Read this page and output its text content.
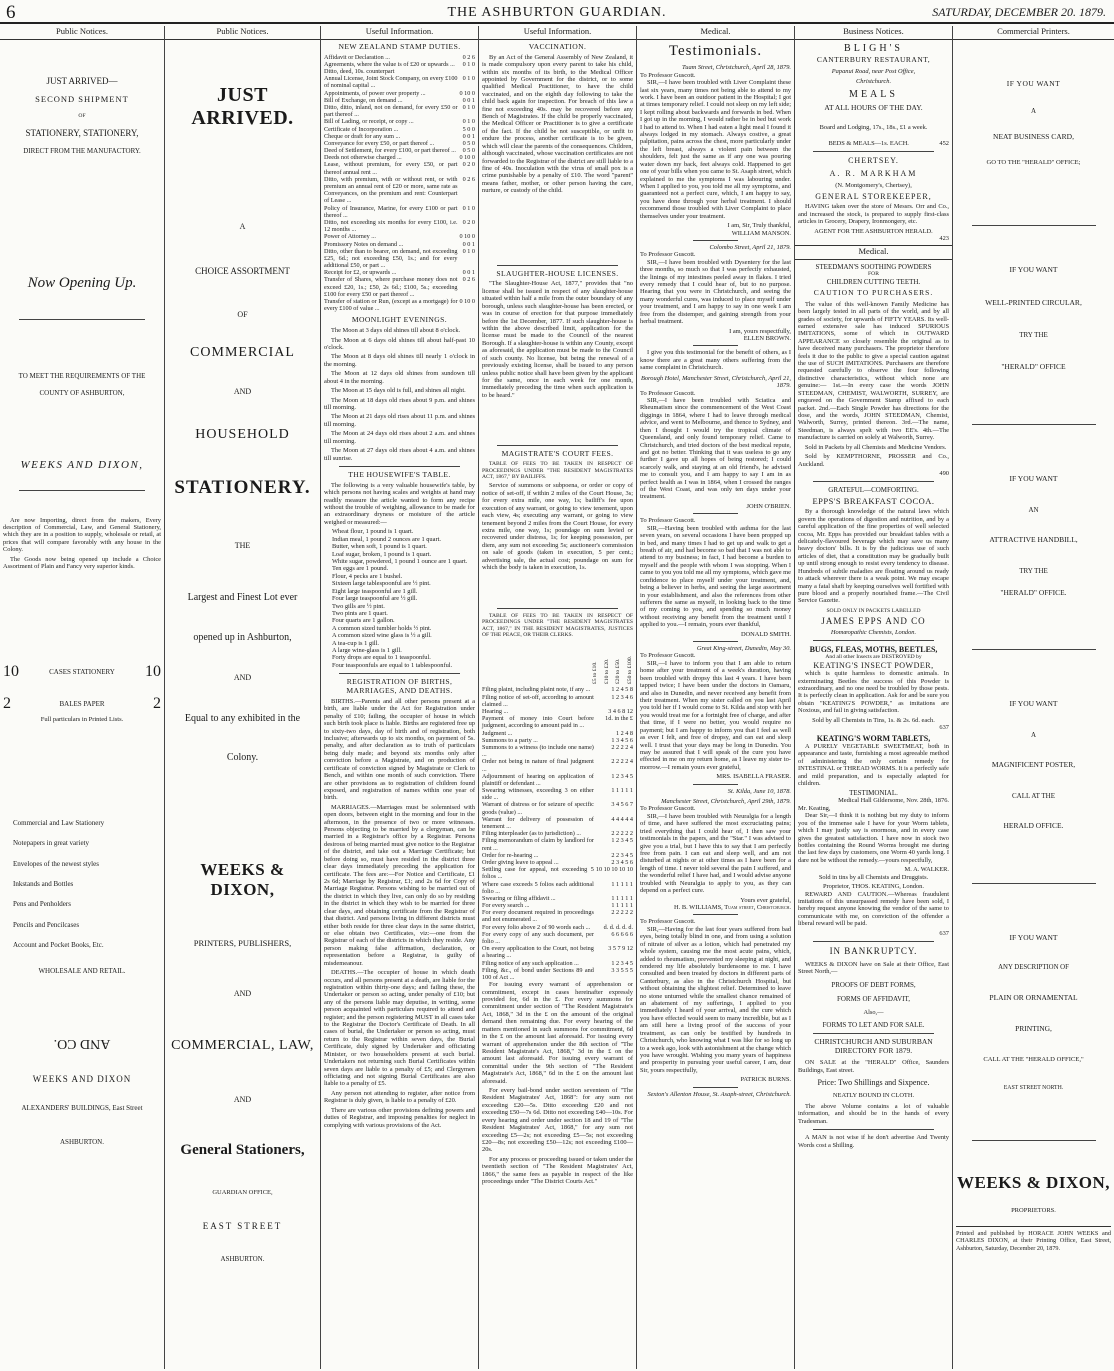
6	THE ASHBURTON GUARDIAN.	SATURDAY, DECEMBER 20. 1879.
Public Notices.
JUST ARRIVED—
SECOND SHIPMENT
OF
STATIONERY, STATIONERY,
DIRECT FROM THE MANUFACTORY.
Now Opening Up.
TO MEET THE REQUIREMENTS OF THE
COUNTY OF ASHBURTON,
WEEKS AND DIXON,

Are now Importing, direct from the makers, Every description of Commercial, Law, and General Stationery, which they are in a position to supply, wholesale or retail, at prices that will compare favorably with any house in the Colony.

The Goods now being opened up include a Choice Assortment of Plain and Fancy very superior kinds.

10	CASES STATIONERY 10
2	BALES PAPER	2
Full particulars in Printed Lists.
Commercial and Law Stationery
Notepapers in great variety
Envelopes of the newest styles
Inkstands and Bottles
Pens and Penholders
Pencils and Pencilcases
Account and Pocket Books, Etc.
WHOLESALE AND RETAIL.
AND CO.
WEEKS AND DIXON
ALEXANDERS' BUILDINGS, East Street
ASHBURTON.
Public Notices.
JUST ARRIVED.
A
CHOICE ASSORTMENT
OF
COMMERCIAL
AND
HOUSEHOLD
STATIONERY.
THE
Largest and Finest Lot ever
opened up in Ashburton,
AND
Equal to any exhibited in the
Colony.
WEEKS & DIXON,
PRINTERS, PUBLISHERS,
AND
COMMERCIAL, LAW,
AND
General Stationers,
GUARDIAN OFFICE,
EAST STREET
ASHBURTON.
Useful Information.
NEW ZEALAND STAMP DUTIES.
Affidavit or Declaration ...	0 2 6
Agreements, where the value is of £20 or upwards ...	0 1 0
Ditto, deed, 10s. counterpart	
Annual License, Joint Stock Company, on every £100 of nominal capital ...	0 1 0
Appointments, of power over property ...	0 10 0
Bill of Exchange, on demand ...	0 0 1
Ditto, ditto, inland, not on demand, for every £50 or part thereof ...	0 1 0
Bill of Lading, or receipt, or copy ...	0 1 0
Certificate of Incorporation ...	5 0 0
Cheque or draft for any sum ...	0 0 1
Conveyance for every £50, or part thereof ...	0 5 0
Deed of Settlement, for every £100, or part thereof ...	0 5 0
Deeds not otherwise charged ...	0 10 0
Lease, without premium, for every £50, or part thereof annual rent ...	0 2 0
Ditto, with premium, with or without rent, or with premium an annual rent of £20 or more, same rate as Conveyances, on the premium and rent: Counterpart of Lease ...	0 2 6
Policy of Insurance, Marine, for every £100 or part thereof ...	0 1 0
Ditto, not exceeding six months for every £100, i.e. 12 months ...	0 2 0
Power of Attorney ...	0 10 0
Promissory Notes on demand ...	0 0 1
Ditto, other than to bearer, on demand, not exceeding £25, 6d.; not exceeding £50, 1s.; and for every additional £50, or part ...	0 1 0
Receipt for £2, or upwards ...	0 0 1
Transfer of Shares, where purchase money does not exceed £20, 1s.; £50, 2s 6d.; £100, 5s.; exceeding £100 for every £50 or part thereof ...	0 2 6
Transfer of station or Run, (except as a mortgage) for every £100 of value ...	0 10 0
MOONLIGHT EVENINGS.

The Moon at 3 days old shines till about 8 o'clock.

The Moon at 6 days old shines till about half-past 10 o'clock.

The Moon at 8 days old shines till nearly 1 o'clock in the morning.

The Moon at 12 days old shines from sundown till about 4 in the morning.

The Moon at 15 days old is full, and shines all night.

The Moon at 18 days old rises about 9 p.m. and shines till morning.

The Moon at 21 days old rises about 11 p.m. and shines till morning.

The Moon at 24 days old rises about 2 a.m. and shines till morning.

The Moon at 27 days old rises about 4 a.m. and shines till sunrise.

THE HOUSEWIFE'S TABLE.

The following is a very valuable housewife's table, by which persons not having scales and weights at hand may readily measure the article wanted to form any recipe without the trouble of weighing, allowance to be made for an extraordinary dryness or moisture of the article weighed or measured:—

Wheat flour, 1 pound is 1 quart.
Indian meal, 1 pound 2 ounces are 1 quart.
Butter, when soft, 1 pound is 1 quart.
Loaf sugar, broken, 1 pound is 1 quart.
White sugar, powdered, 1 pound 1 ounce are 1 quart.
Ten eggs are 1 pound.
Flour, 4 pecks are 1 bushel.
Sixteen large tablespoonful are ½ pint.
Eight large teaspoonful are 1 gill.
Four large teaspoonful are ½ gill.
Two gills are ½ pint.
Two pints are 1 quart.
Four quarts are 1 gallon.
A common sized tumbler holds ½ pint.
A common sized wine glass is ½ a gill.
A tea-cup is 1 gill.
A large wine-glass is 1 gill.
Forty drops are equal to 1 teaspoonful.
Four teaspoonfuls are equal to 1 tablespoonful.
REGISTRATION OF BIRTHS, MARRIAGES, AND DEATHS.

BIRTHS.—Parents and all other persons present at a birth, are liable under the Act for Registration under penalty of £10; failing, the occupier of house in which such birth took place is liable. Births are registered free up to sixty-two days, day of birth and of registration, both inclusive; afterwards up to six months, on payment of 5s. penalty, and after declaration as to truth of particulars being duly made; and beyond six months only after conviction before a Magistrate, and on production of certificate of conviction signed by Magistrate or Clerk to Bench, and within one month of such conviction. There are other provisions as to registration of children found exposed, and registration of names within one year of birth.

MARRIAGES.—Marriages must be solemnised with open doors, between eight in the morning and four in the afternoon, in the presence of two or more witnesses. Persons objecting to be married by a clergyman, can be married in a Registrar's office by a Registrar. Persons desirous of being married must give notice to the Registrar of the district, and take out a Marriage Certificate; but before doing so, must have resided in the district three clear days immediately preceding the application for certificate. The fees are:—For Notice and Certificate, £1 2s 6d; Marriage by Registrar, £1; and 2s 6d for Copy of Marriage Registrar. Persons wishing to be married out of the district in which they live, can only do so by residing in the district in which they wish to be married for three clear days, and obtaining certificate from the Registrar of that district. And persons living in different districts must either both reside for three clear days in the same district, or else obtain two Certificates, viz:—one from the Registrar of each of the districts in which they reside. Any person making false affirmation, declaration, or representation before a Registrar, is guilty of misdemeanour.

DEATHS.—The occupier of house in which death occurs, and all persons present at a death, are liable for the registration within thirty-one days; and failing these, the Undertaker or person so acting, under penalty of £10; but any of the persons liable may deputise, in writing, some person acquainted with particulars required to attend and register; and the person registering MUST in all cases take to the Registrar the Doctor's Certificate of Death. In all cases of burial, the Undertaker or person so acting, must return to the Registrar within seven days, the Burial Certificate, duly signed by Undertaker and officiating Minister, or two householders present at such burial. Undertakers not returning such Burial Certificates within seven days are liable to a penalty of £5; and Clergymen officiating and not signing Burial Certificates are also liable to a penalty of £5.

Any person not attending to register, after notice from Registrar is duly given, is liable to a penalty of £20.

There are various other provisions defining powers and duties of Registrar, and imposing penalties for neglect in complying with various provisions of the Act.

Useful Information.
VACCINATION.

By an Act of the General Assembly of New Zealand, it is made compulsory upon every parent to take his child, within six months of its birth, to the Medical Officer appointed by Government for the district, or to some qualified Medical Practitioner, to have the child vaccinated, and on the eighth day following to take the child back again for inspection. For breach of this law a fine not exceeding 40s. may be recovered before any Bench of Magistrates. If the child be properly vaccinated, the Medical Officer or Practitioner is to give a certificate of the fact. If the child be not susceptible, or unfit to endure the process, another certificate is to be given, which will clear the parents of the consequences. Children, although vaccinated, whose vaccination certificates are not forwarded to the Registrar of the district are still liable to a fine of 40s. Inoculation with the virus of small pox is a crime punishable by a penalty of £10. The word "parent" means father, mother, or other person having the care, nurture, or custody of the child.

SLAUGHTER-HOUSE LICENSES.

"The Slaughter-House Act, 1877," provides that "no license shall be issued in respect of any slaughter-house situated within half a mile from the outer boundary of any borough, unless such slaughter-house has been erected, or was in course of erection for that purpose immediately before the 1st December, 1877. If such slaughter-house is within the above described limit, application for the license must be made to the Council of the nearest Borough. If a slaughter-house is within any County, except as aforesaid, the application must be made to the Council of such county. No license, but being the renewal of a previously existing license, shall be issued to any person unless public notice shall have been given by the applicant for the same, once in each week for one month, immediately preceding the time when such application is to be heard."

MAGISTRATE'S COURT FEES.

TABLE OF FEES TO BE TAKEN IN RESPECT OF PROCEEDINGS UNDER "THE RESIDENT MAGISTRATES ACT, 1867," BY BAILIFFS.

Service of summons or subpoena, or order or copy of notice of set-off, if within 2 miles of the Court House, 3s; for every extra mile, one way, 1s; bailiff's fee upon execution of any warrant, or going to view tenement, upon each view, 4s; executing any warrant, or going to view tenement beyond 2 miles from the Court House, for every extra mile, one way, 1s; poundage on sum levied or recovered under distress, 1s; for keeping possession, per diem, any sum not exceeding 5s; auctioneer's commission on sale of goods (taken in execution, 5 per cent.; advertising sale, the actual cost; poundage on sum for which the body is taken in execution, 1s.

TABLE OF FEES TO BE TAKEN IN RESPECT OF PROCEEDINGS UNDER "THE RESIDENT MAGISTRATES ACT, 1867," IN THE RESIDENT MAGISTRATES, JUSTICES OF THE PEACE, OR THEIR CLERKS.

£5 to £10. £10 to £20. £20 to £50. £50 to £100.
Filing plaint, including plaint note, if any ...	1 2 4 5 8
Filing notice of set-off, according to amount claimed ...	1 2 3 4 6
Hearing ...	3 4 6 8 12
Payment of money into Court before judgment, according to amount paid in ...	1d. in the £
Judgment ...	1 2 4 8
Summons to a party ...	1 3 4 5 6
Summons to a witness (to include one name) ...	2 2 2 2 4
Order not being in nature of final judgment ...	2 2 2 2 4
Adjournment of hearing on application of plaintiff or defendant ...	1 2 3 4 5
Swearing witnesses, exceeding 3 on either side ...	1 1 1 1 1
Warrant of distress or for seizure of specific goods (value) ...	3 4 5 6 7
Warrant for delivery of possession of tenement ...	4 4 4 4 4
Filing interpleader (as to jurisdiction) ...	2 2 2 2 2
Filing memorandum of claim by landlord for rent ...	1 2 3 4 5
Order for re-hearing ...	2 2 3 4 5
Order giving leave to appeal ...	2 3 4 5 6
Settling case for appeal, not exceeding 5 folios ...	10 10 10 10 10
Where case exceeds 5 folios each additional folio ...	1 1 1 1 1
Swearing or filing affidavit ...	1 1 1 1 1
For every search ...	1 1 1 1 1
For every document required in proceedings and not enumerated ...	2 2 2 2 2
For every folio above 2 of 90 words each ...	d. d. d. d. d.
For every copy of any such document, per folio ...	6 6 6 6 6
On every application to the Court, not being a hearing ...	3 5 7 9 12
Filing notice of any such application ...	1 2 3 4 5
Filing, &c., of bond under Sections 89 and 100 of Act ...	3 3 5 5 5

For issuing every warrant of apprehension or commitment, except in cases hereinafter expressly provided for, 6d in the £. For every summons for commitment under section of "The Resident Magistrate's Act, 1868," 3d in the £ on the amount of the original demand then remaining due. For every hearing of the matters mentioned in such summons for commitment, 6d in the £ on the amount last aforesaid. For issuing every warrant of apprehension under the 8th section of "The Resident Magistrate's Act, 1868," 3d in the £ on the amount last aforesaid. For issuing every warrant of committal under the 9th section of "The Resident Magistrate's Act, 1868," 6d in the £ on the amount last aforesaid.

For every bail-bond under section seventeen of "The Resident Magistrates' Act, 1868": for any sum not exceeding £20—5s. Ditto exceeding £20 and not exceeding £50—7s 6d. Ditto not exceeding £40—10s. For every hearing and order under section 18 and 19 of "The Resident Magistrates' Act, 1868," for any sum not exceeding £5—2s; not exceeding £5—5s; not exceeding £20—8s; not exceeding £50—12s; not exceeding £100—20s.

For any process or proceeding issued or taken under the twentieth section of "The Resident Magistrates' Act, 1866," the same fees as payable in respect of the like proceedings under "The District Courts Act."

Medical.
Testimonials.
Tuam Street, Christchurch, April 28, 1879.
To Professor Guscott.

SIR,—I have been troubled with Liver Complaint these last six years, many times not being able to attend to my work. I have been an outdoor patient in the Hospital; I got at times temporary relief. I could not sleep on my left side; I kept rolling about backwards and forwards in bed. When I got up in the morning, I would rather be in bed but work I had to attend to. When I had eaten a light meal I found it always lodged in my stomach. Always costive, a great palpitation, pains across the chest, more particularly under the left breast, always a violent pain between the shoulders, felt just the same as if any one was pouring water down my back, feet always cold. Happened to get one of your bills when you came to St. Asaph street, which explained to me the symptoms I was labouring under. When I applied to you, you told me all my symptoms, and guaranteed not a perfect cure, which, I am happy to say, you have done through your herbal treatment. I should recommend those troubled with Liver Complaint to place themselves under your treatment.

I am, Sir, Truly thankful,
WILLIAM MANSON.
Colombo Street, April 21, 1879.
To Professor Guscott.

SIR,—I have been troubled with Dysentery for the last three months, so much so that I was perfectly exhausted, the linings of my intestines peeled away in flakes. I tried every remedy that I could hear of, but to no purpose. Hearing that you were in Christchurch, and seeing the many wonderful cures, was induced to place myself under your treatment, and I am happy to say in one week I am free from the distemper, and gaining strength from your herbal treatment.

I am, yours respectfully,
ELLEN BROWN.

I give you this testimonial for the benefit of others, as I know there are a great many others suffering from the same complaint in Christchurch.

Borough Hotel, Manchester Street, Christchurch, April 21, 1879.
To Professor Guscott.

SIR,—I have been troubled with Sciatica and Rheumatism since the commencement of the West Coast diggings in 1864, where I had to leave through medical advice, and went to Melbourne, and thence to Sydney, and then I thought I would try the tropical climate of Queensland, and only found temporary relief. Came to Christchurch, and tried doctors of the best medical repute, and got no better. Thinking that it was useless to go any further I gave up all hopes of being restored; I could scarcely walk, and staying at an old friend's, he advised me to consult you, and I am happy to say I am in as perfect health as I was in 1864, when I crossed the ranges of the West Coast, and was only ten days under your treatment.

JOHN O'BRIEN.
To Professor Guscott.

SIR,—Having been troubled with asthma for the last seven years, on several occasions I have been propped up in bed, and many times I had to get up and walk to get a breath of air, and had become so bad that I was not able to attend to my business; in fact, I had become a burden to myself and the people with whom I was stopping. When I came to you you told me all my symptoms, which gave me confidence to place myself under your treatment, and, being a believer in herbs, and seeing the large assortment in your establishment, and also the references from other sufferers the same as myself, in looking back to the time of my coming to you, and spending so much money without receiving any benefit from the treatment until I applied to you.—I remain, yours ever thankful,

DONALD SMITH.
Great King-street, Dunedin, May 30.
To Professor Guscott.

SIR,—I have to inform you that I am able to return home after your treatment of a week's duration, having been troubled with dropsy this last 4 years. I have been tapped twice; I have been under the doctors in Oamaru, and also in Dunedin, and never received any benefit from their treatment. When my sister called on you last April you told her if I would come to St. Kilda and stop with her you would treat me for a fortnight free of charge, and after that time, if I were no better, you would require no payment; but I am happy to inform you that I feel as well as ever I felt, and free of dropsy, and can eat and sleep well. I trust that your days may be long in Dunedin. You may be assured that I will speak of the cure you have effected in me on my return home, as I leave my sister to-morrow.—I remain yours ever grateful,

MRS. ISABELLA FRASER.
St. Kilda, June 10, 1878.
Manchester Street, Christchurch, April 29th, 1879.
To Professor Guscott.

SIR,—I have been troubled with Neuralgia for a length of time, and have suffered the most excruciating pains; tried everything that I could hear of, I then saw your testimonials in the papers, and the "Star." I was advised to give you a trial, but I have this to say that I am perfectly free from pain. I can eat and sleep well, and am not disturbed at nights or at other times as I have been for a length of time. I never told several the pain I suffered, and the wonderful relief I have had, and I would advise anyone troubled with Neuralgia to apply to you, as they can depend on a perfect cure.

Yours ever grateful,
H. B. WILLIAMS, Tuam street, Christchurch.
To Professor Guscott.

SIR,—Having for the last four years suffered from bad eyes, being totally blind in one, and from using a solution of nitrate of silver as a lotion, which had penetrated my whole system, causing me the most acute pains, which, added to rheumatism, prevented my sleeping at night, and rendered my life absolutely burdensome to me. I have consulted and been treated by doctors in different parts of Canterbury, as also in the Christchurch Hospital, but without obtaining the slightest relief. Determined to leave no stone unturned while the smallest chance remained of an abatement of my sufferings, I applied to you immediately I heard of your arrival, and the cure which you have effected would seem to many incredible, but as I am still here a living proof of the success of your treatment, as can only be testified by hundreds in Christchurch, who knowing what I was like for so long up to a week ago, look with astonishment at the change which you have wrought. Wishing you many years of happiness and prosperity in pursuing your useful career, I am, dear Sir, yours respectfully,

PATRICK BURNS.
Sexton's Allenton House, St. Asaph-street, Christchurch.
Business Notices.
BLIGH'S
CANTERBURY RESTAURANT,
Papanui Road, near Post Office,
Christchurch.
MEALS
AT ALL HOURS OF THE DAY.
Board and Lodging, 17s., 18s., £1 a week.
BEDS & MEALS—1s. EACH.	452
CHERTSEY.
A. R. MARKHAM
(N. Montgomery's, Chertsey),
GENERAL STOREKEEPER,

HAVING taken over the store of Messrs. Orr and Co., and increased the stock, is prepared to supply first-class articles in Grocery, Drapery, Ironmongery, etc.

AGENT FOR THE ASHBURTON HERALD.
423
Medical.
STEEDMAN'S SOOTHING POWDERS
FOR
CHILDREN CUTTING TEETH.
CAUTION TO PURCHASERS.

The value of this well-known Family Medicine has been largely tested in all parts of the world, and by all grades of society, for upwards of FIFTY YEARS. Its well-earned extensive sale has induced SPURIOUS IMITATIONS, some of which in OUTWARD APPEARANCE so closely resemble the original as to have deceived many purchasers. The proprietor therefore feels it due to the public to give a special caution against the use of SUCH IMITATIONS. Purchasers are therefore requested carefully to observe the four following distinctive characteristics, without which none are genuine:— 1st.—In every case the words JOHN STEEDMAN, CHEMIST, WALWORTH, SURREY, are engraved on the Government Stamp affixed to each packet. 2nd.—Each Single Powder has directions for the dose, and the words, JOHN STEEDMAN, Chemist, Walworth, Surrey, printed thereon. 3rd.—The name, Steedman, is always spelt with two EE's. 4th.—The manufacture is carried on solely at Walworth, Surrey.

Sold in Packets by all Chemists and Medicine Vendors.

Sold by KEMPTHORNE, PROSSER and Co., Auckland.

490
GRATEFUL—COMFORTING.
EPPS'S BREAKFAST COCOA.

By a thorough knowledge of the natural laws which govern the operations of digestion and nutrition, and by a careful application of the fine properties of well selected cocoa, Mr. Epps has provided our breakfast tables with a delicately-flavoured beverage which may save us many heavy doctors' bills. It is by the judicious use of such articles of diet, that a constitution may be gradually built up until strong enough to resist every tendency to disease. Hundreds of subtle maladies are floating around us ready to attack wherever there is a weak point. We may escape many a fatal shaft by keeping ourselves well fortified with pure blood and a properly nourished frame.—The Civil Service Gazette.

SOLD ONLY IN PACKETS LABELLED
JAMES EPPS AND CO
Homœopathic Chemists, London.
BUGS, FLEAS, MOTHS, BEETLES,
And all other Insects are DESTROYED by
KEATING'S INSECT POWDER,

which is quite harmless to domestic animals. In exterminating Beetles the success of this Powder is extraordinary, and no one need be troubled by those pests. It is perfectly clean in application. Ask for and be sure you obtain "KEATING'S POWDER," as imitations are Noxious, and fail in giving satisfaction.

Sold by all Chemists in Tins, 1s. & 2s. 6d. each.
637
KEATING'S WORM TABLETS,

A PURELY VEGETABLE SWEETMEAT, both in appearance and taste, furnishing a most agreeable method of administering the only certain remedy for INTESTINAL or THREAD WORMS. It is a perfectly safe and mild preparation, and is especially adapted for children.

TESTIMONIAL.
Medical Hall Gildersome, Nov. 28th, 1876.
Mr. Keating,

Dear Sir,—I think it is nothing but my duty to inform you of the immense sale I have for your Worm tablets, which I may justly say is enormous, and in every case gives the greatest satisfaction. I have now in stock two bottles containing the Round Worms brought me during the last few days by customers, one Worm 40 yards long. I dare not be without the remedy.—yours respectfully,

M. A. WALKER.
Sold in tins by all Chemists and Druggists.
Proprietor, THOS. KEATING, London.

REWARD AND CAUTION.—Whereas fraudulent imitations of this unsurpassed remedy have been sold, I hereby request anyone knowing the vendor of the same to communicate with me, on conviction of the offender a liberal reward will be paid.

637
IN BANKRUPTCY.

WEEKS & DIXON have on Sale at their Office, East Street North,—

PROOFS OF DEBT FORMS,
FORMS OF AFFIDAVIT,
Also,—
FORMS TO LET AND FOR SALE.
CHRISTCHURCH AND SUBURBAN DIRECTORY FOR 1879.

ON SALE at the "HERALD" Office, Saunders Buildings, East street.

Price: Two Shillings and Sixpence.
NEATLY BOUND IN CLOTH.

The above Volume contains a lot of valuable information, and should be in the hands of every Tradesman.

A MAN is not wise if he don't advertise And Twenty Words cost a Shilling.

Commercial Printers.
IF YOU WANT
A
NEAT BUSINESS CARD,
GO TO THE "HERALD" OFFICE;
IF YOU WANT
WELL-PRINTED CIRCULAR,
TRY THE
"HERALD" OFFICE
IF YOU WANT
AN
ATTRACTIVE HANDBILL,
TRY THE
"HERALD" OFFICE.
IF YOU WANT
A
MAGNIFICENT POSTER,
CALL AT THE
HERALD OFFICE.
IF YOU WANT
ANY DESCRIPTION OF
PLAIN OR ORNAMENTAL
PRINTING,
CALL AT THE "HERALD OFFICE,"
EAST STREET NORTH.
WEEKS & DIXON,
PROPRIETORS.
Printed and published by HORACE JOHN WEEKS and CHARLES DIXON, at their Printing Office, East Street, Ashburton, Saturday, December 20, 1879.
